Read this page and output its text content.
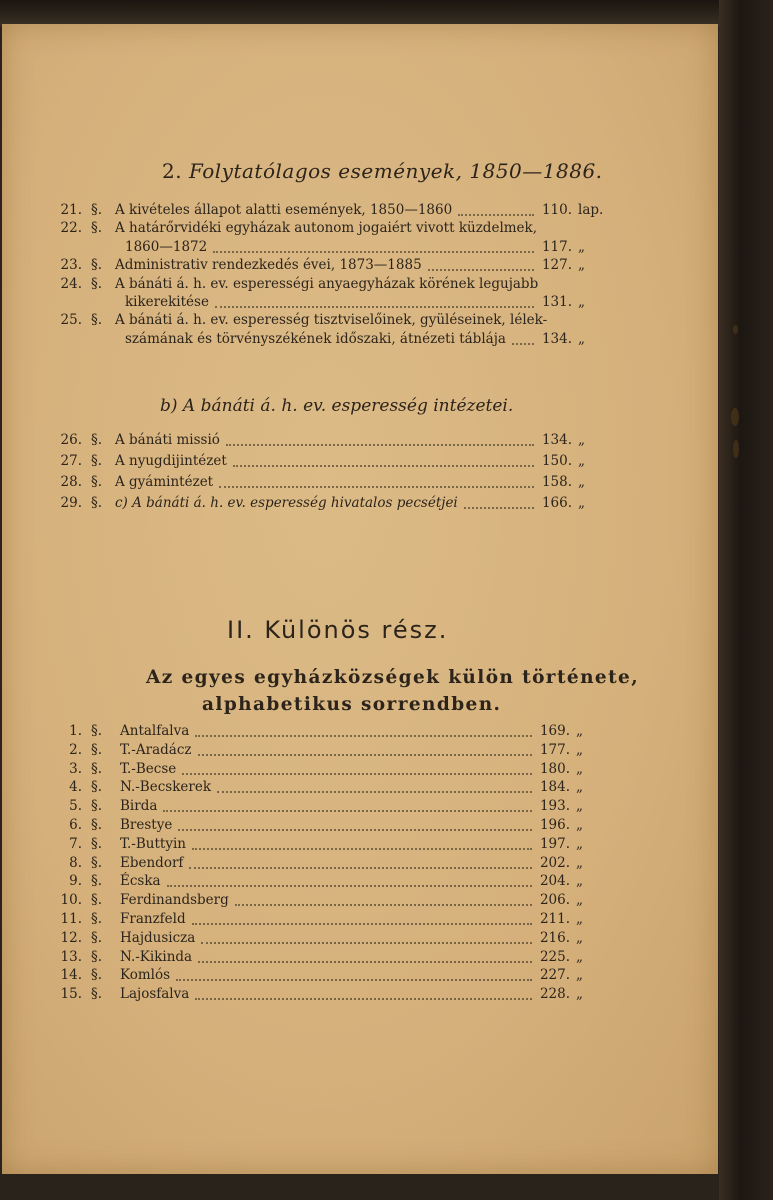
2. Folytatólagos események, 1850—1886.
21. §. A kivételes állapot alatti események, 1850—1860	110. lap.
22. §. A határőrvidéki egyházak autonom jogaiért vivott küzdelmek,
1860—1872	117. „
23. §. Administrativ rendezkedés évei, 1873—1885	127. „
24. §. A bánáti á. h. ev. esperességi anyaegyházak körének legujabb
kikerekitése	131. „
25. §. A bánáti á. h. ev. esperesség tisztviselőinek, gyüléseinek, lélek-
számának és törvényszékének időszaki, átnézeti táblája	134. „
b) A bánáti á. h. ev. esperesség intézetei.
26. §. A bánáti missió	134. „
27. §. A nyugdijintézet	150. „
28. §. A gyámintézet	158. „
29. §. c) A bánáti á. h. ev. esperesség hivatalos pecsétjei	166. „
II. Különös rész.
Az egyes egyházközségek külön története,
alphabetikus sorrendben.
1. §. Antalfalva	169. „
2. §. T.-Aradácz	177. „
3. §. T.-Becse	180. „
4. §. N.-Becskerek	184. „
5. §. Birda	193. „
6. §. Brestye	196. „
7. §. T.-Buttyin	197. „
8. §. Ebendorf	202. „
9. §. Écska	204. „
10. §. Ferdinandsberg	206. „
11. §. Franzfeld	211. „
12. §. Hajdusicza	216. „
13. §. N.-Kikinda	225. „
14. §. Komlós	227. „
15. §. Lajosfalva	228. „
